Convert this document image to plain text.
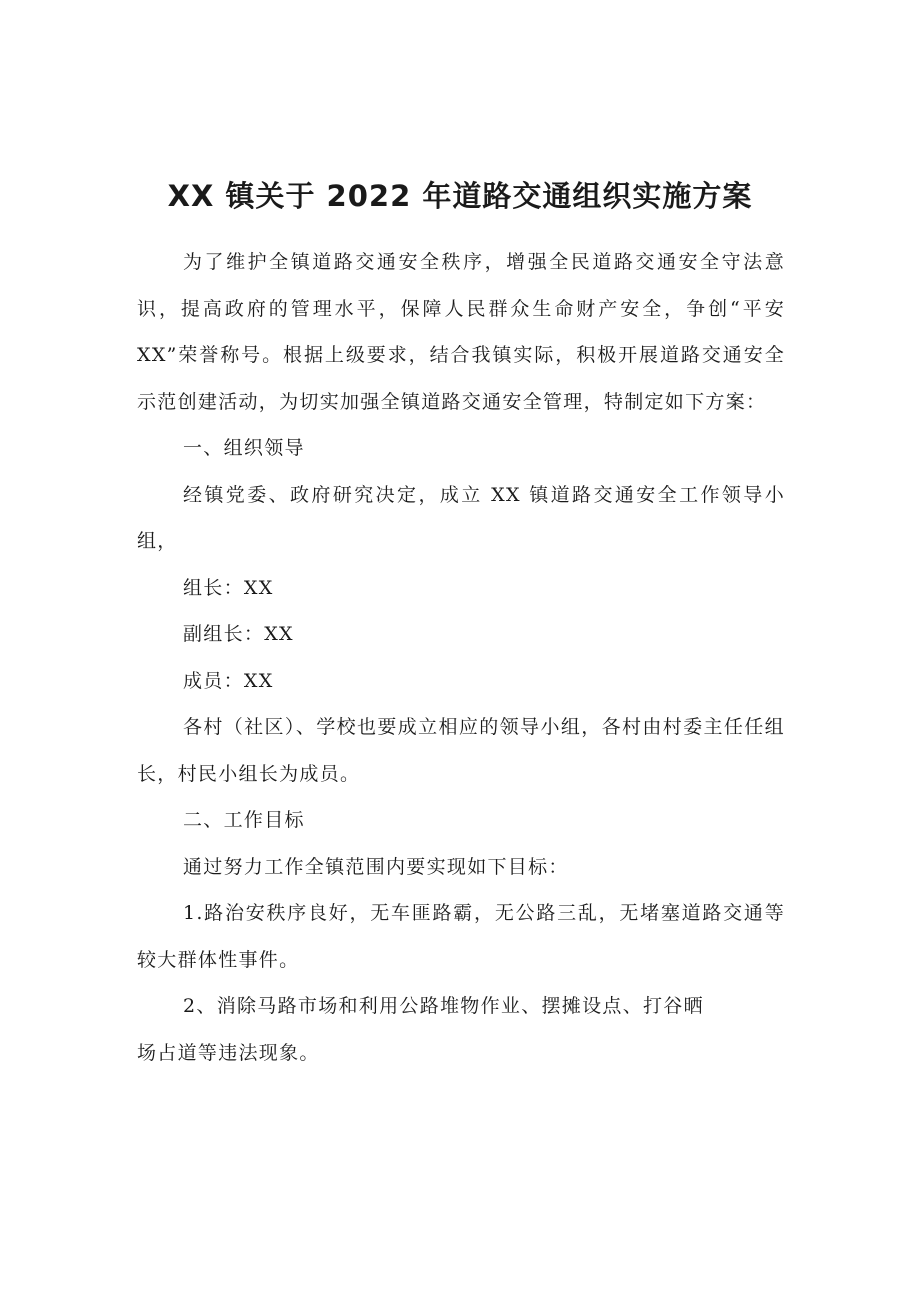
XX 镇关于 2022 年道路交通组织实施方案

为了维护全镇道路交通安全秩序，增强全民道路交通安全守法意识，提高政府的管理水平，保障人民群众生命财产安全，争创“平安XX”荣誉称号。根据上级要求，结合我镇实际，积极开展道路交通安全示范创建活动，为切实加强全镇道路交通安全管理，特制定如下方案：

一、组织领导

经镇党委、政府研究决定，成立 XX 镇道路交通安全工作领导小组，

组长：XX

副组长：XX

成员：XX

各村（社区）、学校也要成立相应的领导小组，各村由村委主任任组长，村民小组长为成员。

二、工作目标

通过努力工作全镇范围内要实现如下目标：

1.路治安秩序良好，无车匪路霸，无公路三乱，无堵塞道路交通等较大群体性事件。

2、消除马路市场和利用公路堆物作业、摆摊设点、打谷晒

场占道等违法现象。
